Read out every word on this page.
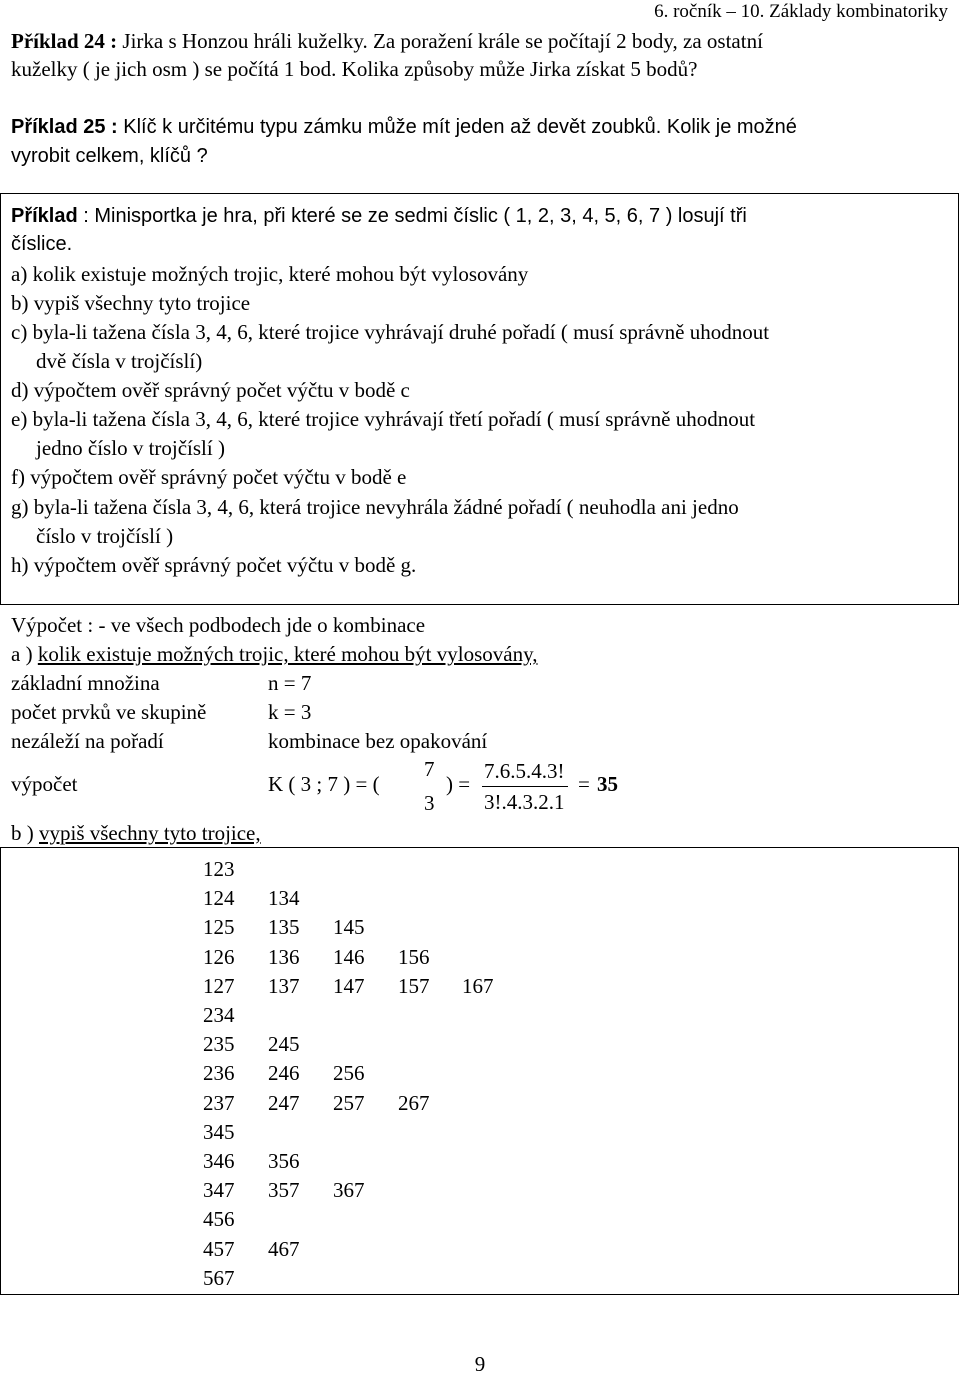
6. ročník – 10. Základy kombinatoriky
Příklad 24 : Jirka s Honzou hráli kuželky. Za poražení krále se počítají 2 body, za ostatní
kuželky ( je jich osm ) se počítá 1 bod. Kolika způsoby může Jirka získat 5 bodů?
Příklad 25 : Klíč k určitému typu zámku může mít jeden až devět zoubků. Kolik je možné
vyrobit celkem, klíčů ?
Příklad : Minisportka je hra, při které se ze sedmi číslic ( 1, 2, 3, 4, 5, 6, 7 ) losují tři
číslice.
a) kolik existuje možných trojic, které mohou být vylosovány
b) vypiš všechny tyto trojice
c) byla-li tažena čísla 3, 4, 6, které trojice vyhrávají druhé pořadí ( musí správně uhodnout
dvě čísla v trojčíslí)
d) výpočtem ověř správný počet výčtu v bodě c
e) byla-li tažena čísla 3, 4, 6, které trojice vyhrávají třetí pořadí ( musí správně uhodnout
jedno číslo v trojčíslí )
f) výpočtem ověř správný počet výčtu v bodě e
g) byla-li tažena čísla 3, 4, 6, která trojice nevyhrála žádné pořadí ( neuhodla ani jedno
číslo v trojčíslí )
h) výpočtem ověř správný počet výčtu v bodě g.
Výpočet : - ve všech podbodech jde o kombinace
a ) kolik existuje možných trojic, které mohou být vylosovány,
základní množina	n = 7
počet prvků ve skupině	k = 3
nezáleží na pořadí	kombinace bez opakování
výpočet	K ( 3 ; 7 ) = (
7
3
) =
7.6.5.4.3!
3!.4.3.2.1
= 35
b ) vypiš všechny tyto trojice,
123
124 134
125 135 145
126 136 146 156
127 137 147 157 167
234
235 245
236 246 256
237 247 257 267
345
346 356
347 357 367
456
457 467
567
9
